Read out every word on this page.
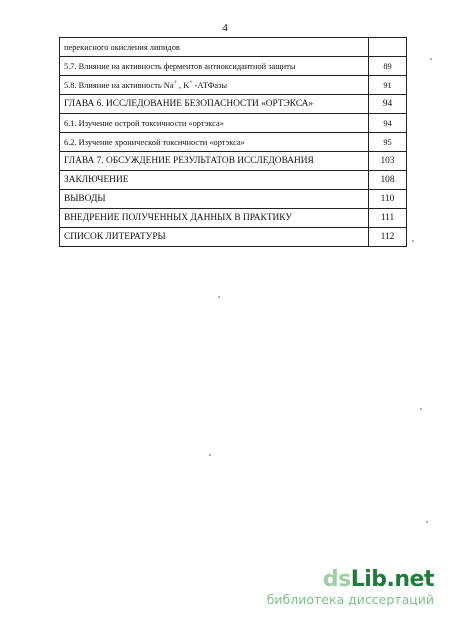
4
перекисного окисления липидов	
5.7. Влияние на активность ферментов антиоксидантной защиты	89
5.8. Влияние на активность Na+ , K+ -АТФазы	91
ГЛАВА 6. ИССЛЕДОВАНИЕ БЕЗОПАСНОСТИ «ОРТЭКСА»	94
6.1. Изучение острой токсичности «ортэкса»	94
6.2. Изучение хронической токсичности «ортэкса»	95
ГЛАВА 7. ОБСУЖДЕНИЕ РЕЗУЛЬТАТОВ ИССЛЕДОВАНИЯ	103
ЗАКЛЮЧЕНИЕ	108
ВЫВОДЫ	110
ВНЕДРЕНИЕ ПОЛУЧЕННЫХ ДАННЫХ В ПРАКТИКУ	111
СПИСОК ЛИТЕРАТУРЫ	112
dsLib.net
библиотека диссертаций
